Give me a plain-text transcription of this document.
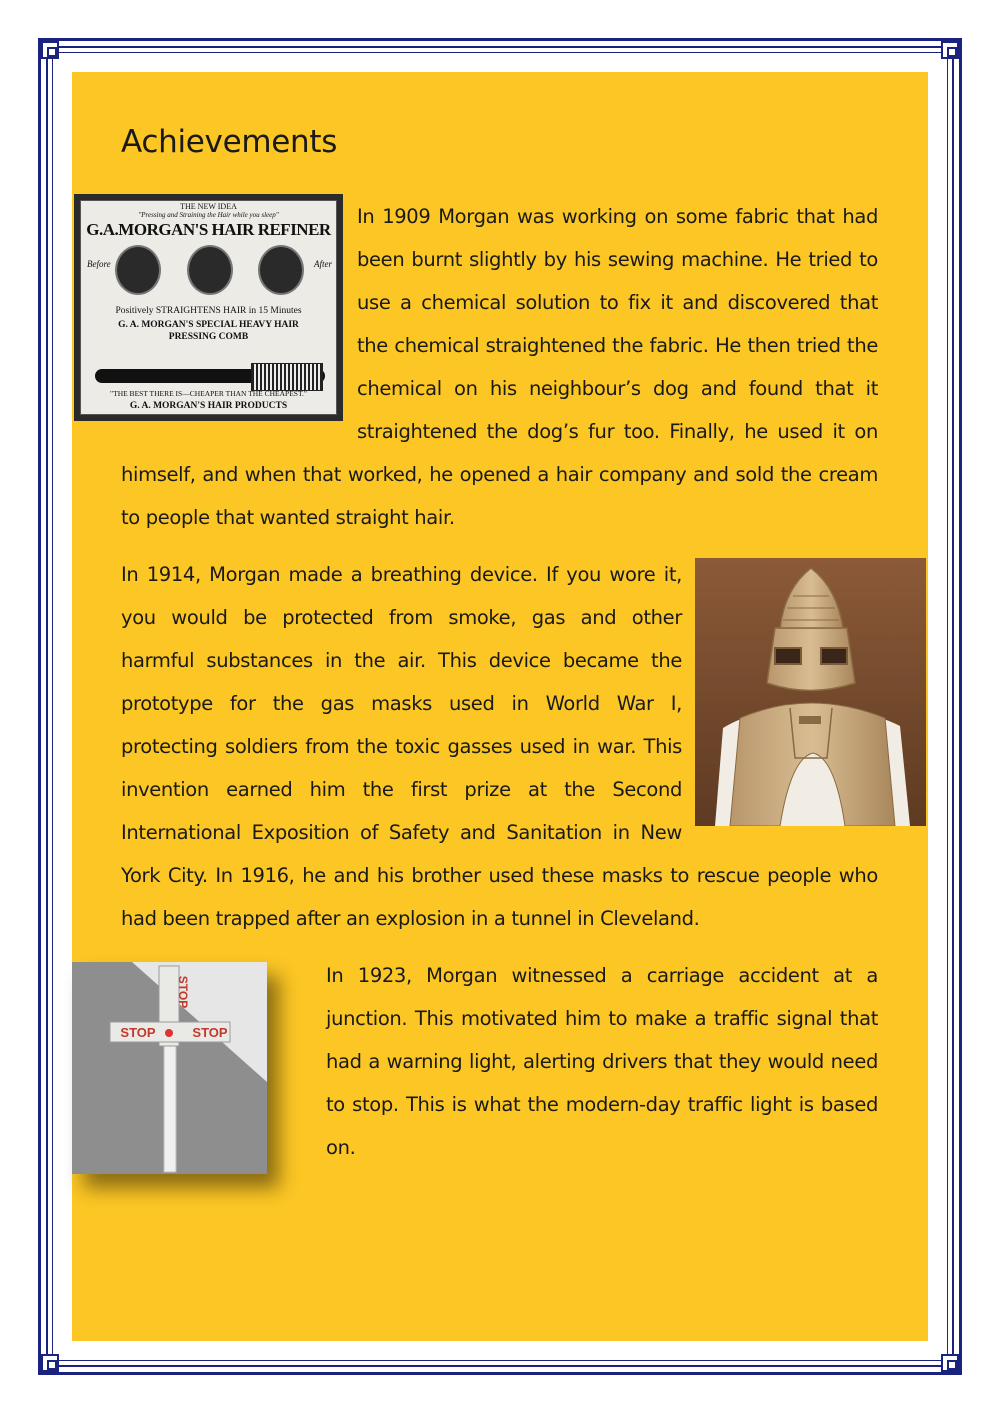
Achievements
THE NEW IDEA
"Pressing and Straining the Hair while you sleep"
G.A.MORGAN'S HAIR REFINER
Before	After
Positively STRAIGHTENS HAIR in 15 Minutes
G. A. MORGAN'S SPECIAL HEAVY HAIR
PRESSING COMB
"THE BEST THERE IS—CHEAPER THAN THE CHEAPEST."
G. A. MORGAN'S HAIR PRODUCTS
In 1909 Morgan was working on some fabric that had been burnt slightly by his sewing machine. He tried to use a chemical solution to fix it and discovered that the chemical straightened the fabric. He then tried the chemical on his neighbour’s dog and found that it straightened the dog’s fur too. Finally, he used it on himself, and when that worked, he opened a hair company and sold the cream to people that wanted straight hair.
In 1914, Morgan made a breathing device. If you wore it, you would be protected from smoke, gas and other harmful substances in the air. This device became the prototype for the gas masks used in World War I, protecting soldiers from the toxic gasses used in war. This invention earned him the first prize at the Second International Exposition of Safety and Sanitation in New York City. In 1916, he and his brother used these masks to rescue people who had been trapped after an explosion in a tunnel in Cleveland.
STOP	STOP
STOP

In 1923, Morgan witnessed a carriage accident at a junction. This motivated him to make a traffic signal that had a warning light, alerting drivers that they would need to stop. This is what the modern-day traffic light is based on.
